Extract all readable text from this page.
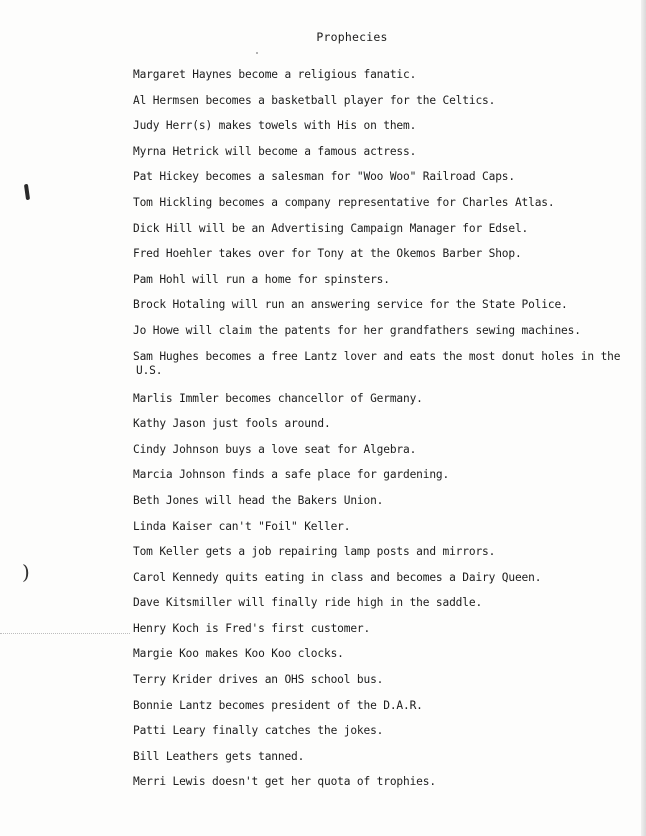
Prophecies
Margaret Haynes become a religious fanatic.
Al Hermsen becomes a basketball player for the Celtics.
Judy Herr(s) makes towels with His on them.
Myrna Hetrick will become a famous actress.
Pat Hickey becomes a salesman for "Woo Woo" Railroad Caps.
Tom Hickling becomes a company representative for Charles Atlas.
Dick Hill will be an Advertising Campaign Manager for Edsel.
Fred Hoehler takes over for Tony at the Okemos Barber Shop.
Pam Hohl will run a home for spinsters.
Brock Hotaling will run an answering service for the State Police.
Jo Howe will claim the patents for her grandfathers sewing machines.
Sam Hughes becomes a free Lantz lover and eats the most donut holes in the
U.S.
Marlis Immler becomes chancellor of Germany.
Kathy Jason just fools around.
Cindy Johnson buys a love seat for Algebra.
Marcia Johnson finds a safe place for gardening.
Beth Jones will head the Bakers Union.
Linda Kaiser can't "Foil" Keller.
Tom Keller gets a job repairing lamp posts and mirrors.
Carol Kennedy quits eating in class and becomes a Dairy Queen.
Dave Kitsmiller will finally ride high in the saddle.
Henry Koch is Fred's first customer.
Margie Koo makes Koo Koo clocks.
Terry Krider drives an OHS school bus.
Bonnie Lantz becomes president of the D.A.R.
Patti Leary finally catches the jokes.
Bill Leathers gets tanned.
Merri Lewis doesn't get her quota of trophies.
)
